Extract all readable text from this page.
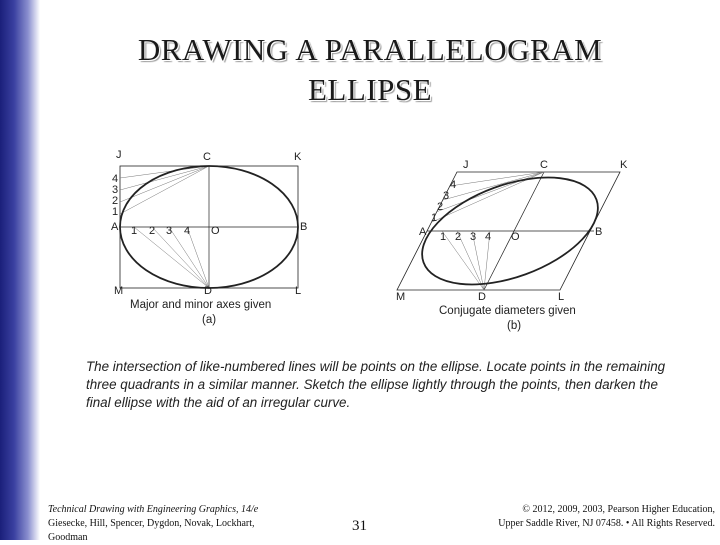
DRAWING A PARALLELOGRAM
ELLIPSE
J	C	K
4
3
2
1
A 1 2 3 4 O	B
M	D	L
Major and minor axes given
(a)
J	C	K
4
3
2
1
A 1 2 3 4 O	B
M	D	L
Conjugate diameters given
(b)
The intersection of like-numbered lines will be points on the ellipse. Locate points in the remaining three quadrants in a similar manner. Sketch the ellipse lightly through the points, then darken the final ellipse with the aid of an irregular curve.
Technical Drawing with Engineering Graphics, 14/e
Giesecke, Hill, Spencer, Dygdon, Novak, Lockhart, Goodman
31
© 2012, 2009, 2003, Pearson Higher Education,
Upper Saddle River, NJ 07458. • All Rights Reserved.
